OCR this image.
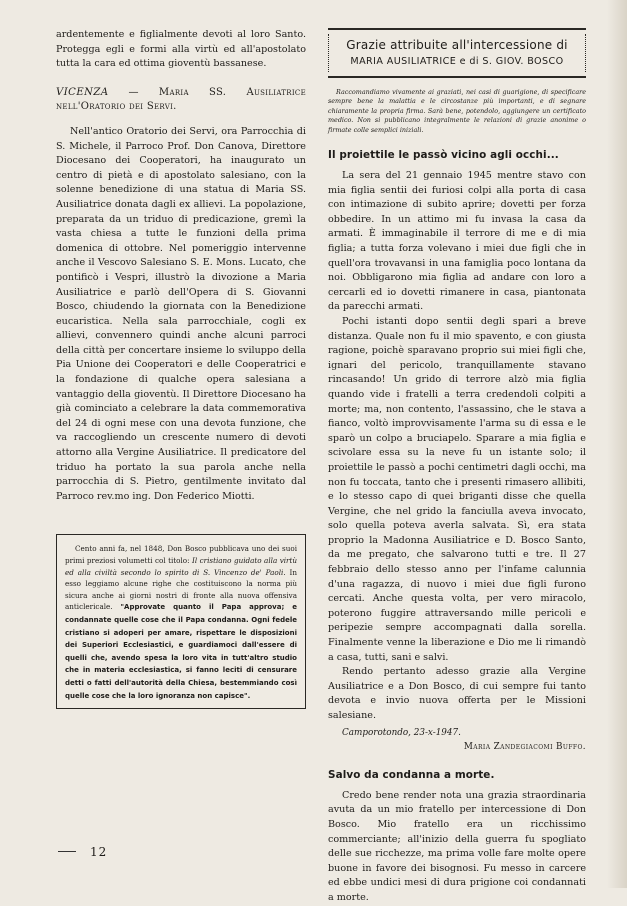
ardentemente e figlialmente devoti al loro Santo. Protegga egli e formi alla virtù ed all'apostolato tutta la cara ed ottima gioventù bassanese.

VICENZA — Maria SS. Ausiliatrice nell'Oratorio dei Servi.

Nell'antico Oratorio dei Servi, ora Parrocchia di S. Michele, il Parroco Prof. Don Canova, Direttore Diocesano dei Cooperatori, ha inaugurato un centro di pietà e di apostolato salesiano, con la solenne benedizione di una statua di Maria SS. Ausiliatrice donata dagli ex allievi. La popolazione, preparata da un triduo di predicazione, gremì la vasta chiesa a tutte le funzioni della prima domenica di ottobre. Nel pomeriggio intervenne anche il Vescovo Salesiano S. E. Mons. Lucato, che pontificò i Vespri, illustrò la divozione a Maria Ausiliatrice e parlò dell'Opera di S. Giovanni Bosco, chiudendo la giornata con la Benedizione eucaristica. Nella sala parrocchiale, cogli ex allievi, convennero quindi anche alcuni parroci della città per concertare insieme lo sviluppo della Pia Unione dei Cooperatori e delle Cooperatrici e la fondazione di qualche opera salesiana a vantaggio della gioventù. Il Direttore Diocesano ha già cominciato a celebrare la data commemorativa del 24 di ogni mese con una devota funzione, che va raccogliendo un crescente numero di devoti attorno alla Vergine Ausiliatrice. Il predicatore del triduo ha portato la sua parola anche nella parrocchia di S. Pietro, gentilmente invitato dal Parroco rev.mo ing. Don Federico Miotti.

Cento anni fa, nel 1848, Don Bosco pubblicava uno dei suoi primi preziosi volumetti col titolo: Il cristiano guidato alla virtù ed alla civiltà secondo lo spirito di S. Vincenzo de' Paoli. In esso leggiamo alcune righe che costituiscono la norma più sicura anche ai giorni nostri di fronte alla nuova offensiva anticlericale. "Approvate quanto il Papa approva; e condannate quelle cose che il Papa condanna. Ogni fedele cristiano si adoperi per amare, rispettare le disposizioni dei Superiori Ecclesiastici, e guardiamoci dall'essere di quelli che, avendo spesa la loro vita in tutt'altro studio che in materia ecclesiastica, si fanno leciti di censurare detti o fatti dell'autorità della Chiesa, bestemmiando così quelle cose che la loro ignoranza non capisce".

Grazie attribuite all'intercessione di
MARIA AUSILIATRICE e di S. GIOV. BOSCO

Raccomandiamo vivamente ai graziati, nei casi di guarigione, di specificare sempre bene la malattia e le circostanze più importanti, e di segnare chiaramente la propria firma. Sarà bene, potendolo, aggiungere un certificato medico. Non si pubblicano integralmente le relazioni di grazie anonime o firmate colle semplici iniziali.

Il proiettile le passò vicino agli occhi...

La sera del 21 gennaio 1945 mentre stavo con mia figlia sentii dei furiosi colpi alla porta di casa con intimazione di subito aprire; dovetti per forza obbedire. In un attimo mi fu invasa la casa da armati. È immaginabile il terrore di me e di mia figlia; a tutta forza volevano i miei due figli che in quell'ora trovavansi in una famiglia poco lontana da noi. Obbligarono mia figlia ad andare con loro a cercarli ed io dovetti rimanere in casa, piantonata da parecchi armati.

Pochi istanti dopo sentii degli spari a breve distanza. Quale non fu il mio spavento, e con giusta ragione, poichè sparavano proprio sui miei figli che, ignari del pericolo, tranquillamente stavano rincasando! Un grido di terrore alzò mia figlia quando vide i fratelli a terra credendoli colpiti a morte; ma, non contento, l'assassino, che le stava a fianco, voltò improvvisamente l'arma su di essa e le sparò un colpo a bruciapelo. Sparare a mia figlia e scivolare essa su la neve fu un istante solo; il proiettile le passò a pochi centimetri dagli occhi, ma non fu toccata, tanto che i presenti rimasero allibiti, e lo stesso capo di quei briganti disse che quella Vergine, che nel grido la fanciulla aveva invocato, solo quella poteva averla salvata. Sì, era stata proprio la Madonna Ausiliatrice e D. Bosco Santo, da me pregato, che salvarono tutti e tre. Il 27 febbraio dello stesso anno per l'infame calunnia d'una ragazza, di nuovo i miei due figli furono cercati. Anche questa volta, per vero miracolo, poterono fuggire attraversando mille pericoli e peripezie sempre accompagnati dalla sorella. Finalmente venne la liberazione e Dio me li rimandò a casa, tutti, sani e salvi.

Rendo pertanto adesso grazie alla Vergine Ausiliatrice e a Don Bosco, di cui sempre fui tanto devota e invio nuova offerta per le Missioni salesiane.

Camporotondo, 23-x-1947.

Maria Zandegiacomi Buffo.
Salvo da condanna a morte.

Credo bene render nota una grazia straordinaria avuta da un mio fratello per intercessione di Don Bosco. Mio fratello era un ricchissimo commerciante; all'inizio della guerra fu spogliato delle sue ricchezze, ma prima volle fare molte opere buone in favore dei bisognosi. Fu messo in carcere ed ebbe undici mesi di dura prigione coi condannati a morte.

12
